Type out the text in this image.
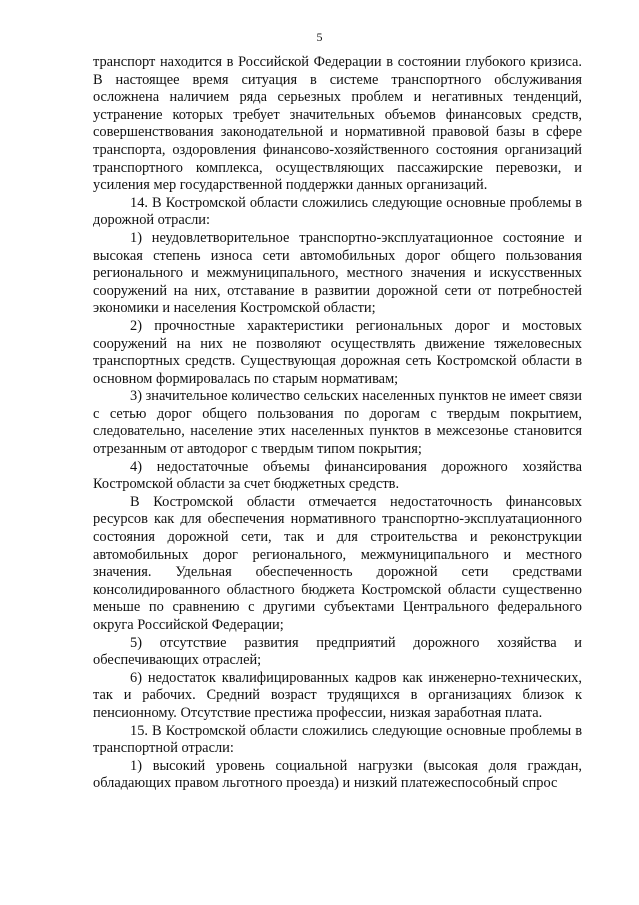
5

транспорт находится в Российской Федерации в состоянии глубокого кризиса. В настоящее время ситуация в системе транспортного обслуживания осложнена наличием ряда серьезных проблем и негативных тенденций, устранение которых требует значительных объемов финансовых средств, совершенствования законодательной и нормативной правовой базы в сфере транспорта, оздоровления финансово-хозяйственного состояния организаций транспортного комплекса, осуществляющих пассажирские перевозки, и усиления мер государственной поддержки данных организаций.

14. В Костромской области сложились следующие основные проблемы в дорожной отрасли:

1) неудовлетворительное транспортно-эксплуатационное состояние и высокая степень износа сети автомобильных дорог общего пользования регионального и межмуниципального, местного значения и искусственных сооружений на них, отставание в развитии дорожной сети от потребностей экономики и населения Костромской области;

2) прочностные характеристики региональных дорог и мостовых сооружений на них не позволяют осуществлять движение тяжеловесных транспортных средств. Существующая дорожная сеть Костромской области в основном формировалась по старым нормативам;

3) значительное количество сельских населенных пунктов не имеет связи с сетью дорог общего пользования по дорогам с твердым покрытием, следовательно, население этих населенных пунктов в межсезонье становится отрезанным от автодорог с твердым типом покрытия;

4) недостаточные объемы финансирования дорожного хозяйства Костромской области за счет бюджетных средств.

В Костромской области отмечается недостаточность финансовых ресурсов как для обеспечения нормативного транспортно-эксплуатационного состояния дорожной сети, так и для строительства и реконструкции автомобильных дорог регионального, межмуниципального и местного значения. Удельная обеспеченность дорожной сети средствами консолидированного областного бюджета Костромской области существенно меньше по сравнению с другими субъектами Центрального федерального округа Российской Федерации;

5) отсутствие развития предприятий дорожного хозяйства и обеспечивающих отраслей;

6) недостаток квалифицированных кадров как инженерно-технических, так и рабочих. Средний возраст трудящихся в организациях близок к пенсионному. Отсутствие престижа профессии, низкая заработная плата.

15. В Костромской области сложились следующие основные проблемы в транспортной отрасли:

1) высокий уровень социальной нагрузки (высокая доля граждан, обладающих правом льготного проезда) и низкий платежеспособный спрос
